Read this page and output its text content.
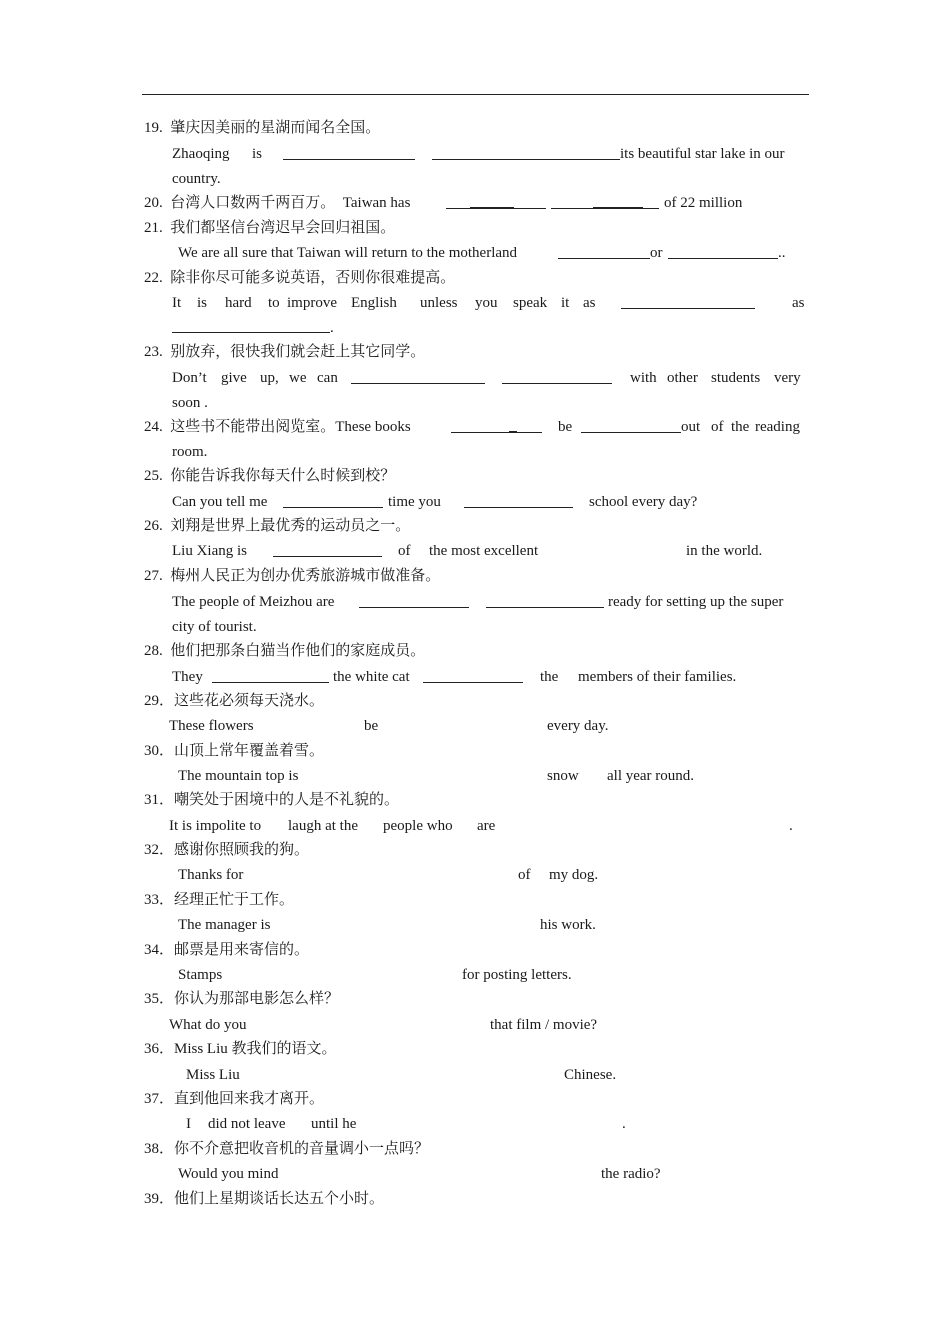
19.  肇庆因美丽的星湖而闻名全国。
Zhaoqing is	its beautiful star lake in our
country.
20.  台湾人口数两千两百万。  Taiwan has	of 22 million
21.  我们都坚信台湾迟早会回归祖国。
We are all sure that Taiwan will return to the motherland	or	..
22.  除非你尽可能多说英语，否则你很难提高。
It is hard to improve English unless you speak it as	as
.
23.  别放弃，很快我们就会赶上其它同学。
Don’t give up, we can	with other students very
soon .
24.  这些书不能带出阅览室。These books	be	out of the reading
room.
25.  你能告诉我你每天什么时候到校？
Can you tell me	time you	school every day?
26.  刘翔是世界上最优秀的运动员之一。
Liu Xiang is	of the most excellent	in the world.
27.  梅州人民正为创办优秀旅游城市做准备。
The people of Meizhou are	ready for setting up the super
city of tourist.
28.  他们把那条白猫当作他们的家庭成员。
They	the white cat	the members of their families.
29．这些花必须每天浇水。
These flowers	be	every day.
30．山顶上常年覆盖着雪。
The mountain top is	snow all year round.
31．嘲笑处于困境中的人是不礼貌的。
It is impolite to laugh at the people who are	.
32．感谢你照顾我的狗。
Thanks for	of my dog.
33．经理正忙于工作。
The manager is	his work.
34．邮票是用来寄信的。
Stamps	for posting letters.
35．你认为那部电影怎么样？
What do you	that film / movie?
36．Miss Liu 教我们的语文。
Miss Liu	Chinese.
37．直到他回来我才离开。
I did not leave until he	.
38．你不介意把收音机的音量调小一点吗？
Would you mind	the radio?
39．他们上星期谈话长达五个小时。
